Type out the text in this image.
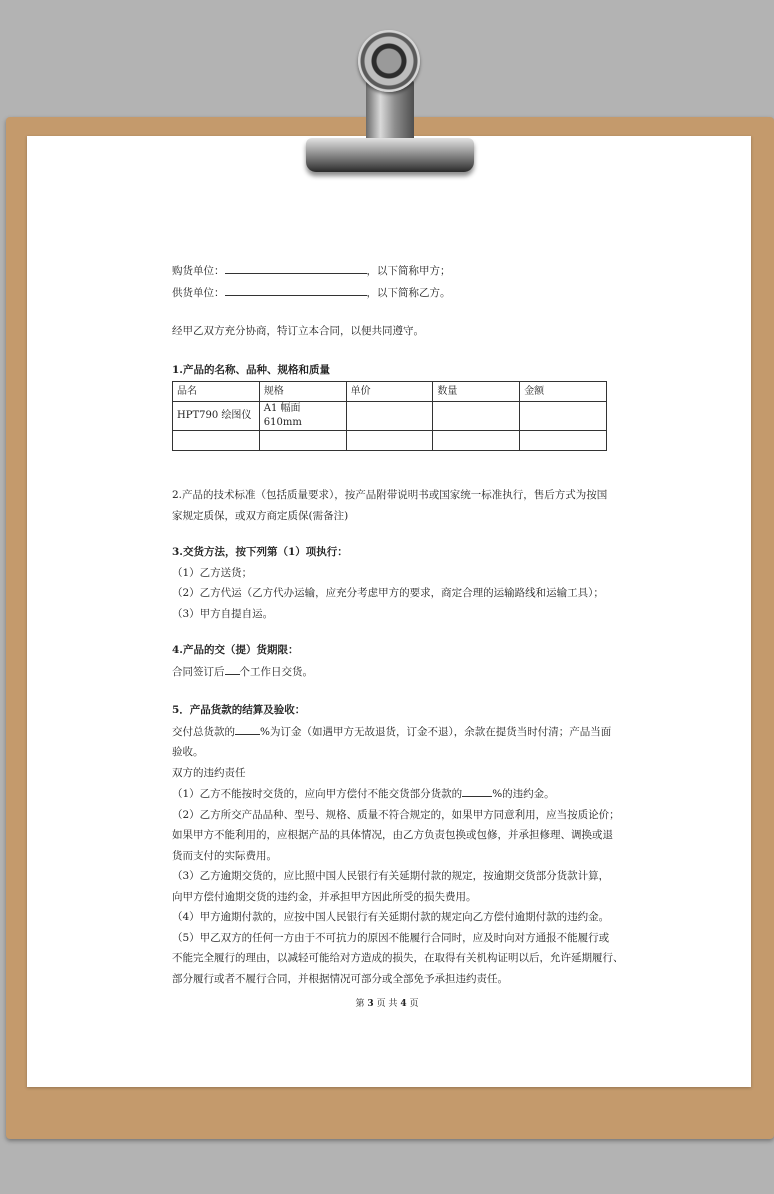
购货单位：	，以下简称甲方；
供货单位：	，以下简称乙方。
经甲乙双方充分协商，特订立本合同，以便共同遵守。
1.产品的名称、品种、规格和质量
品名	规格	单价	数量	金额
HPT790 绘图仪	A1 幅面 610mm			

2.产品的技术标准（包括质量要求），按产品附带说明书或国家统一标准执行，售后方式为按国
家规定质保，或双方商定质保(需备注)
3.交货方法，按下列第（1）项执行：
（1）乙方送货；
（2）乙方代运（乙方代办运输，应充分考虑甲方的要求，商定合理的运输路线和运输工具）；
（3）甲方自提自运。
4.产品的交（提）货期限：
合同签订后 个工作日交货。
5．产品货款的结算及验收：
交付总货款的 %为订金（如遇甲方无故退货，订金不退），余款在提货当时付清；产品当面
验收。
双方的违约责任
（1）乙方不能按时交货的，应向甲方偿付不能交货部分货款的	%的违约金。
（2）乙方所交产品品种、型号、规格、质量不符合规定的，如果甲方同意利用，应当按质论价；
如果甲方不能利用的，应根据产品的具体情况，由乙方负责包换或包修，并承担修理、调换或退
货而支付的实际费用。
（3）乙方逾期交货的，应比照中国人民银行有关延期付款的规定，按逾期交货部分货款计算，
向甲方偿付逾期交货的违约金，并承担甲方因此所受的损失费用。
（4）甲方逾期付款的，应按中国人民银行有关延期付款的规定向乙方偿付逾期付款的违约金。
（5）甲乙双方的任何一方由于不可抗力的原因不能履行合同时，应及时向对方通报不能履行或
不能完全履行的理由，以减轻可能给对方造成的损失，在取得有关机构证明以后，允许延期履行、
部分履行或者不履行合同，并根据情况可部分或全部免予承担违约责任。
第 3 页 共 4 页
